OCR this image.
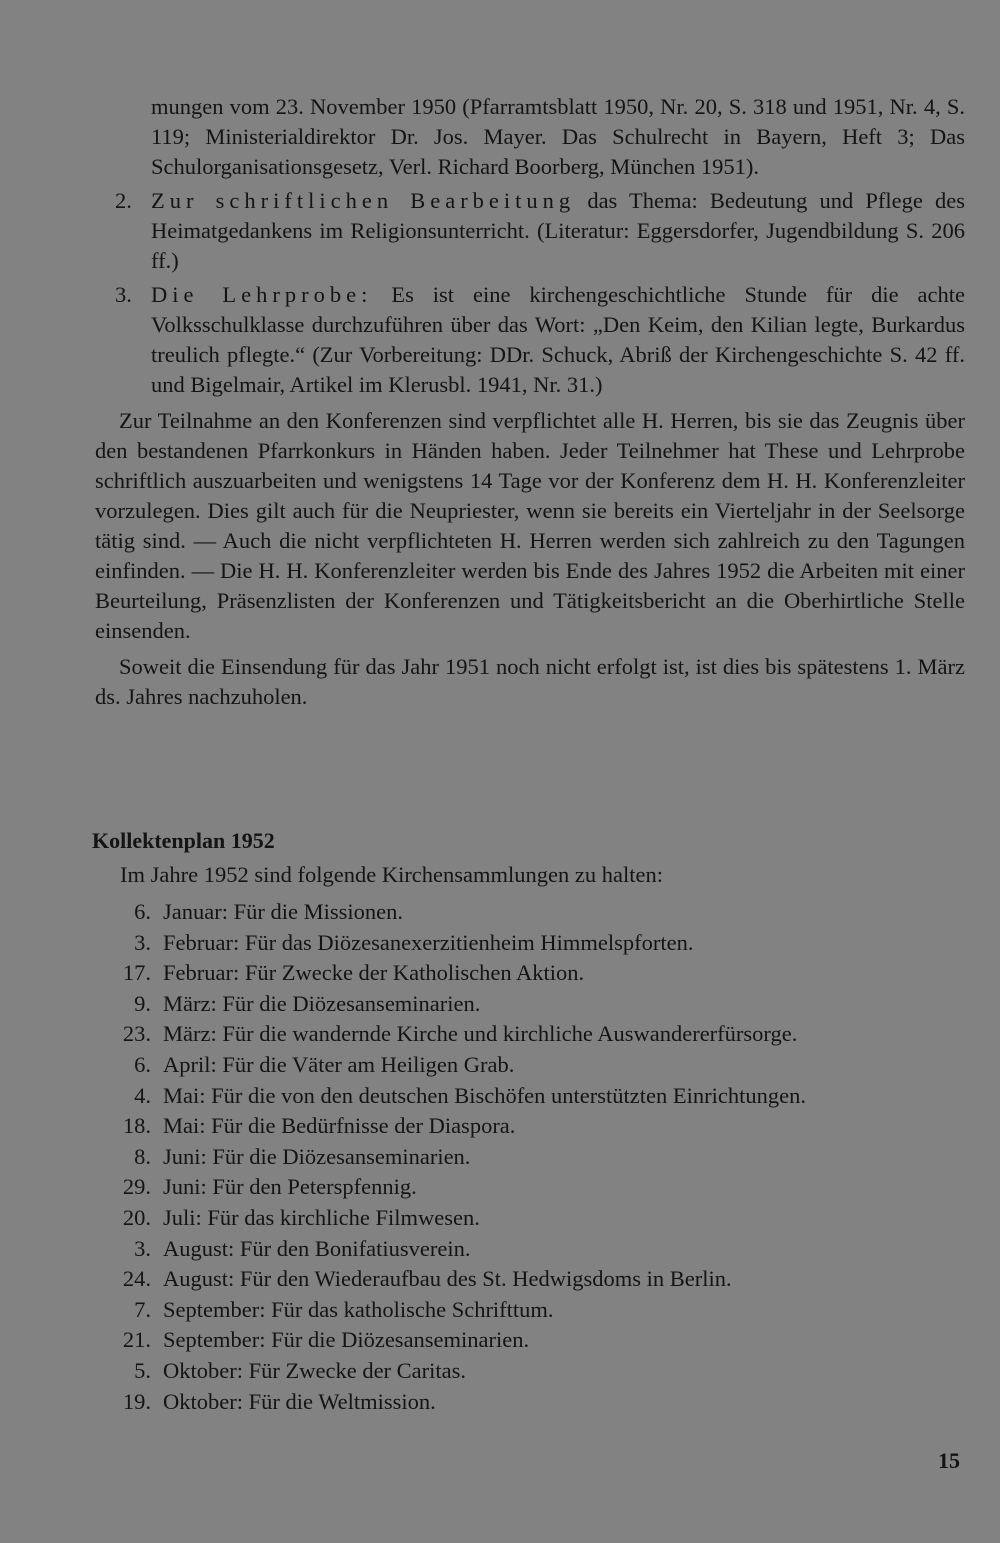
mungen vom 23. November 1950 (Pfarramtsblatt 1950, Nr. 20, S. 318 und 1951, Nr. 4, S. 119; Ministerialdirektor Dr. Jos. Mayer. Das Schulrecht in Bayern, Heft 3; Das Schulorganisationsgesetz, Verl. Richard Boorberg, München 1951).
2. Zur schriftlichen Bearbeitung das Thema: Bedeutung und Pflege des Heimatgedankens im Religionsunterricht. (Literatur: Eggersdorfer, Jugendbildung S. 206 ff.)
3. Die Lehrprobe: Es ist eine kirchengeschichtliche Stunde für die achte Volksschulklasse durchzuführen über das Wort: „Den Keim, den Kilian legte, Burkardus treulich pflegte.“ (Zur Vorbereitung: DDr. Schuck, Abriß der Kirchengeschichte S. 42 ff. und Bigelmair, Artikel im Klerusbl. 1941, Nr. 31.)
Zur Teilnahme an den Konferenzen sind verpflichtet alle H. Herren, bis sie das Zeugnis über den bestandenen Pfarrkonkurs in Händen haben. Jeder Teilnehmer hat These und Lehrprobe schriftlich auszuarbeiten und wenigstens 14 Tage vor der Konferenz dem H. H. Konferenzleiter vorzulegen. Dies gilt auch für die Neupriester, wenn sie bereits ein Vierteljahr in der Seelsorge tätig sind. — Auch die nicht verpflichteten H. Herren werden sich zahlreich zu den Tagungen einfinden. — Die H. H. Konferenzleiter werden bis Ende des Jahres 1952 die Arbeiten mit einer Beurteilung, Präsenzlisten der Konferenzen und Tätigkeitsbericht an die Oberhirtliche Stelle einsenden.
Soweit die Einsendung für das Jahr 1951 noch nicht erfolgt ist, ist dies bis spätestens 1. März ds. Jahres nachzuholen.
Kollektenplan 1952
Im Jahre 1952 sind folgende Kirchensammlungen zu halten:
6. Januar: Für die Missionen.
3. Februar: Für das Diözesanexerzitienheim Himmelspforten.
17. Februar: Für Zwecke der Katholischen Aktion.
9. März: Für die Diözesanseminarien.
23. März: Für die wandernde Kirche und kirchliche Auswandererfürsorge.
6. April: Für die Väter am Heiligen Grab.
4. Mai: Für die von den deutschen Bischöfen unterstützten Einrichtungen.
18. Mai: Für die Bedürfnisse der Diaspora.
8. Juni: Für die Diözesanseminarien.
29. Juni: Für den Peterspfennig.
20. Juli: Für das kirchliche Filmwesen.
3. August: Für den Bonifatiusverein.
24. August: Für den Wiederaufbau des St. Hedwigsdoms in Berlin.
7. September: Für das katholische Schrifttum.
21. September: Für die Diözesanseminarien.
5. Oktober: Für Zwecke der Caritas.
19. Oktober: Für die Weltmission.
15
